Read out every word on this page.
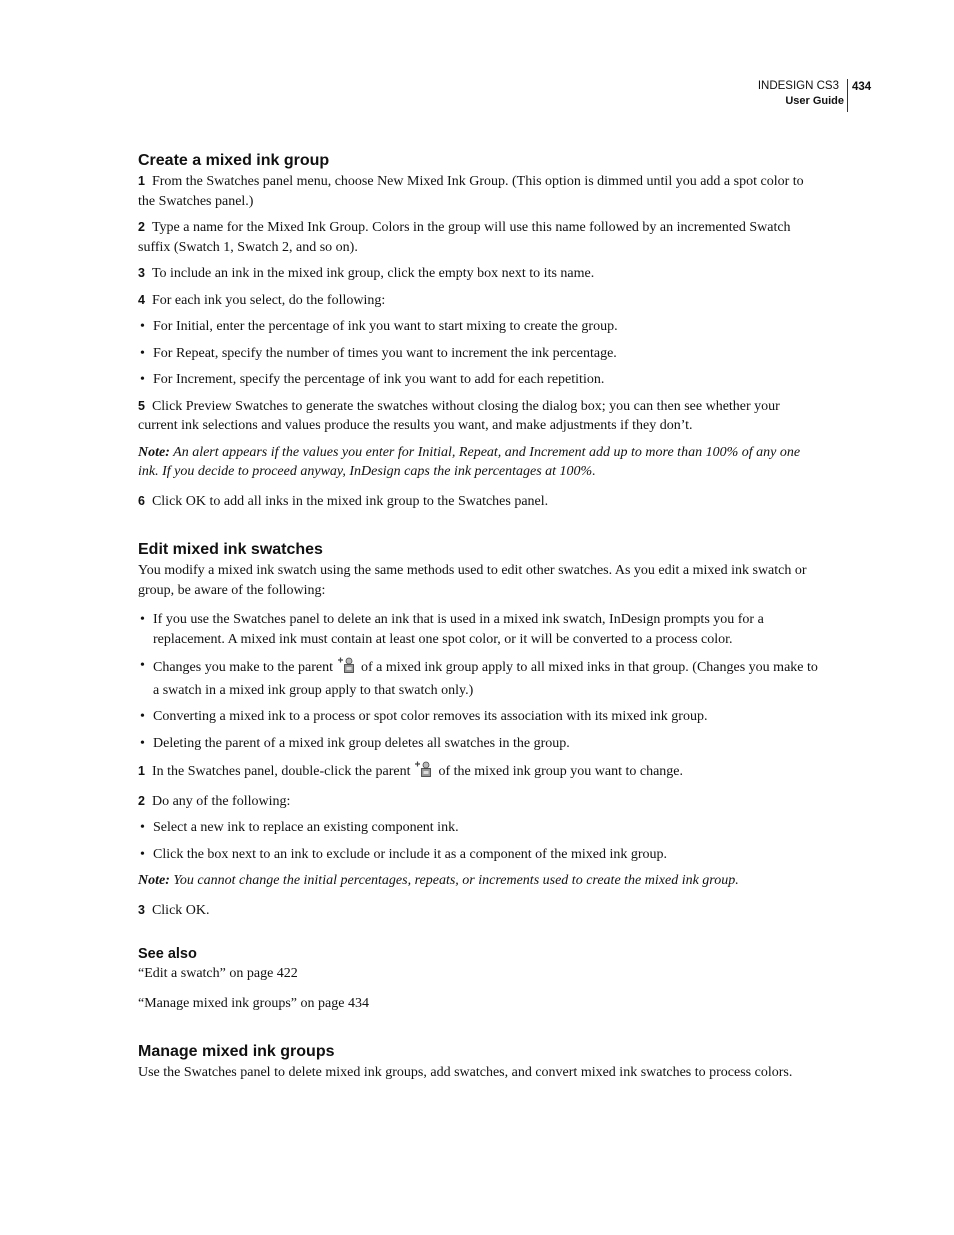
INDESIGN CS3
User Guide
434
Create a mixed ink group

1 From the Swatches panel menu, choose New Mixed Ink Group. (This option is dimmed until you add a spot color to the Swatches panel.)

2 Type a name for the Mixed Ink Group. Colors in the group will use this name followed by an incremented Swatch suffix (Swatch 1, Swatch 2, and so on).

3 To include an ink in the mixed ink group, click the empty box next to its name.

4 For each ink you select, do the following:

• For Initial, enter the percentage of ink you want to start mixing to create the group.

• For Repeat, specify the number of times you want to increment the ink percentage.

• For Increment, specify the percentage of ink you want to add for each repetition.

5 Click Preview Swatches to generate the swatches without closing the dialog box; you can then see whether your current ink selections and values produce the results you want, and make adjustments if they don’t.

Note: An alert appears if the values you enter for Initial, Repeat, and Increment add up to more than 100% of any one ink. If you decide to proceed anyway, InDesign caps the ink percentages at 100%.

6 Click OK to add all inks in the mixed ink group to the Swatches panel.

Edit mixed ink swatches

You modify a mixed ink swatch using the same methods used to edit other swatches. As you edit a mixed ink swatch or group, be aware of the following:

• If you use the Swatches panel to delete an ink that is used in a mixed ink swatch, InDesign prompts you for a replacement. A mixed ink must contain at least one spot color, or it will be converted to a process color.

• Changes you make to the parent of a mixed ink group apply to all mixed inks in that group. (Changes you make to a swatch in a mixed ink group apply to that swatch only.)

• Converting a mixed ink to a process or spot color removes its association with its mixed ink group.

• Deleting the parent of a mixed ink group deletes all swatches in the group.

1 In the Swatches panel, double-click the parent of the mixed ink group you want to change.

2 Do any of the following:

• Select a new ink to replace an existing component ink.

• Click the box next to an ink to exclude or include it as a component of the mixed ink group.

Note: You cannot change the initial percentages, repeats, or increments used to create the mixed ink group.

3 Click OK.

See also

“Edit a swatch” on page 422

“Manage mixed ink groups” on page 434

Manage mixed ink groups

Use the Swatches panel to delete mixed ink groups, add swatches, and convert mixed ink swatches to process colors.
